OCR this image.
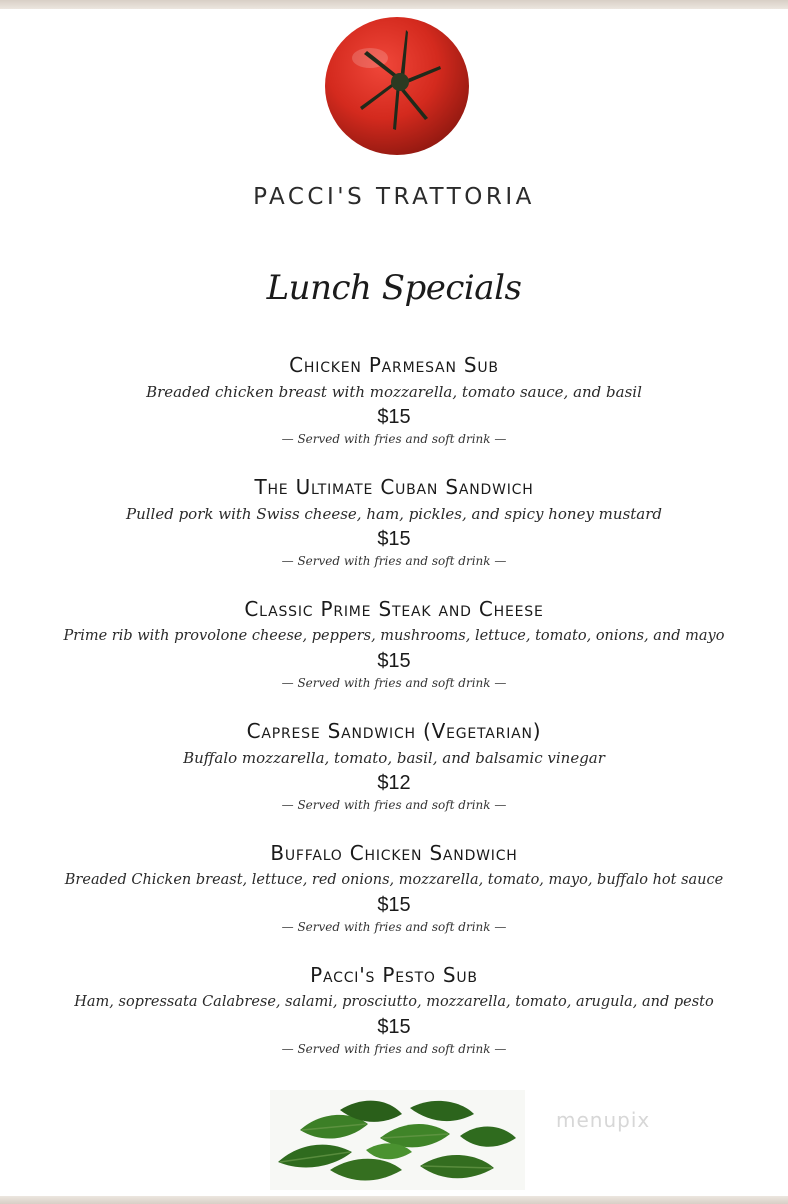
PACCI'S TRATTORIA
Lunch Specials
Chicken Parmesan Sub
Breaded chicken breast with mozzarella, tomato sauce, and basil
$15
— Served with fries and soft drink —
The Ultimate Cuban Sandwich
Pulled pork with Swiss cheese, ham, pickles, and spicy honey mustard
$15
— Served with fries and soft drink —
Classic Prime Steak and Cheese
Prime rib with provolone cheese, peppers, mushrooms, lettuce, tomato, onions, and mayo
$15
— Served with fries and soft drink —
Caprese Sandwich (Vegetarian)
Buffalo mozzarella, tomato, basil, and balsamic vinegar
$12
— Served with fries and soft drink —
Buffalo Chicken Sandwich
Breaded Chicken breast, lettuce, red onions, mozzarella, tomato, mayo, buffalo hot sauce
$15
— Served with fries and soft drink —
Pacci's Pesto Sub
Ham, sopressata Calabrese, salami, prosciutto, mozzarella, tomato, arugula, and pesto
$15
— Served with fries and soft drink —
menupix
